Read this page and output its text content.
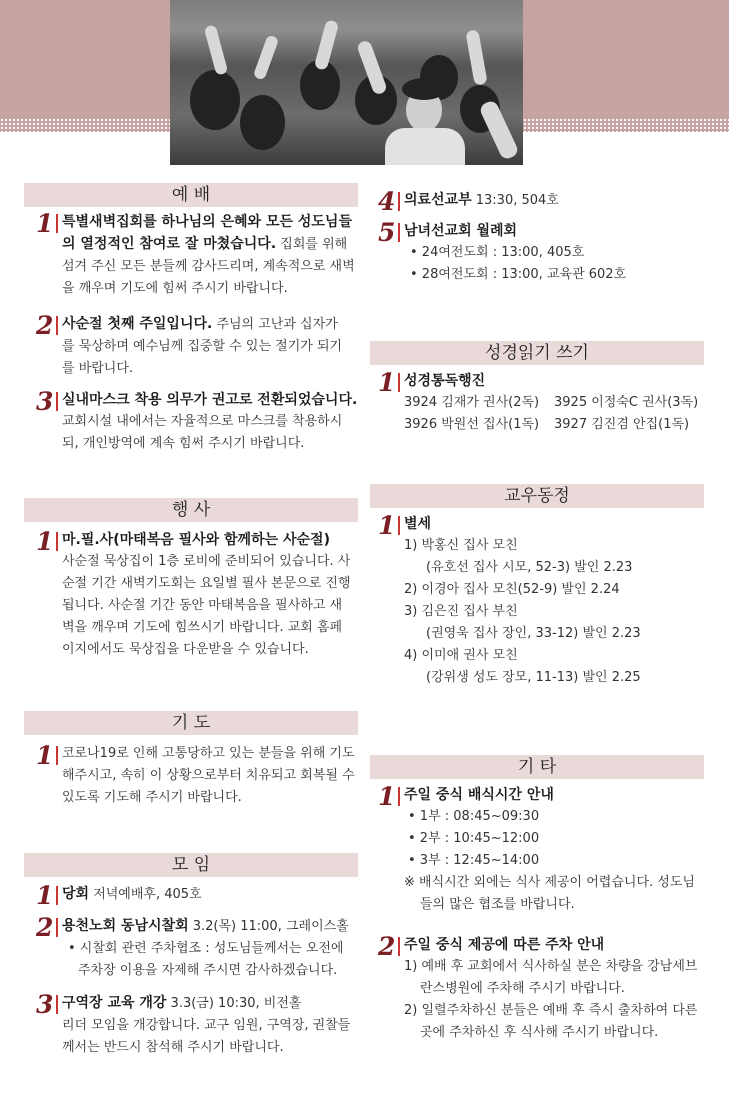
예 배
1 특별새벽집회를 하나님의 은혜와 모든 성도님들
의 열정적인 참여로 잘 마쳤습니다. 집회를 위해
섬겨 주신 모든 분들께 감사드리며, 계속적으로 새벽
을 깨우며 기도에 힘써 주시기 바랍니다.
2 사순절 첫째 주일입니다. 주님의 고난과 십자가
를 묵상하며 예수님께 집중할 수 있는 절기가 되기
를 바랍니다.
3 실내마스크 착용 의무가 권고로 전환되었습니다.
교회시설 내에서는 자율적으로 마스크를 착용하시
되, 개인방역에 계속 힘써 주시기 바랍니다.
행 사
1 마.필.사(마태복음 필사와 함께하는 사순절)
사순절 묵상집이 1층 로비에 준비되어 있습니다. 사
순절 기간 새벽기도회는 요일별 필사 본문으로 진행
됩니다. 사순절 기간 동안 마태복음을 필사하고 새
벽을 깨우며 기도에 힘쓰시기 바랍니다. 교회 홈페
이지에서도 묵상집을 다운받을 수 있습니다.
기 도
1 코로나19로 인해 고통당하고 있는 분들을 위해 기도
해주시고, 속히 이 상황으로부터 치유되고 회복될 수
있도록 기도해 주시기 바랍니다.
모 임
1 당회 저녁예배후, 405호
2 용천노회 동남시찰회 3.2(목) 11:00, 그레이스홀
• 시찰회 관련 주차협조 : 성도님들께서는 오전에
주차장 이용을 자제해 주시면 감사하겠습니다.
3 구역장 교육 개강 3.3(금) 10:30, 비전홀
리더 모임을 개강합니다. 교구 임원, 구역장, 권찰들
께서는 반드시 참석해 주시기 바랍니다.
4 의료선교부 13:30, 504호
5 남녀선교회 월례회
• 24여전도회 : 13:00, 405호
• 28여전도회 : 13:00, 교육관 602호
성경읽기 쓰기
1 성경통독행진
3924 김재가 권사(2독) 3925 이정숙C 권사(3독)
3926 박원선 집사(1독) 3927 김진겸 안집(1독)
교우동정
1 별세
1) 박홍신 집사 모친
(유호선 집사 시모, 52-3) 발인 2.23
2) 이경아 집사 모친(52-9) 발인 2.24
3) 김은진 집사 부친
(권영욱 집사 장인, 33-12) 발인 2.23
4) 이미애 권사 모친
(강위생 성도 장모, 11-13) 발인 2.25
기 타
1 주일 중식 배식시간 안내
• 1부 : 08:45~09:30
• 2부 : 10:45~12:00
• 3부 : 12:45~14:00
※ 배식시간 외에는 식사 제공이 어렵습니다. 성도님
들의 많은 협조를 바랍니다.
2 주일 중식 제공에 따른 주차 안내
1) 예배 후 교회에서 식사하실 분은 차량을 강남세브
란스병원에 주차해 주시기 바랍니다.
2) 일렬주차하신 분들은 예배 후 즉시 출차하여 다른
곳에 주차하신 후 식사해 주시기 바랍니다.
